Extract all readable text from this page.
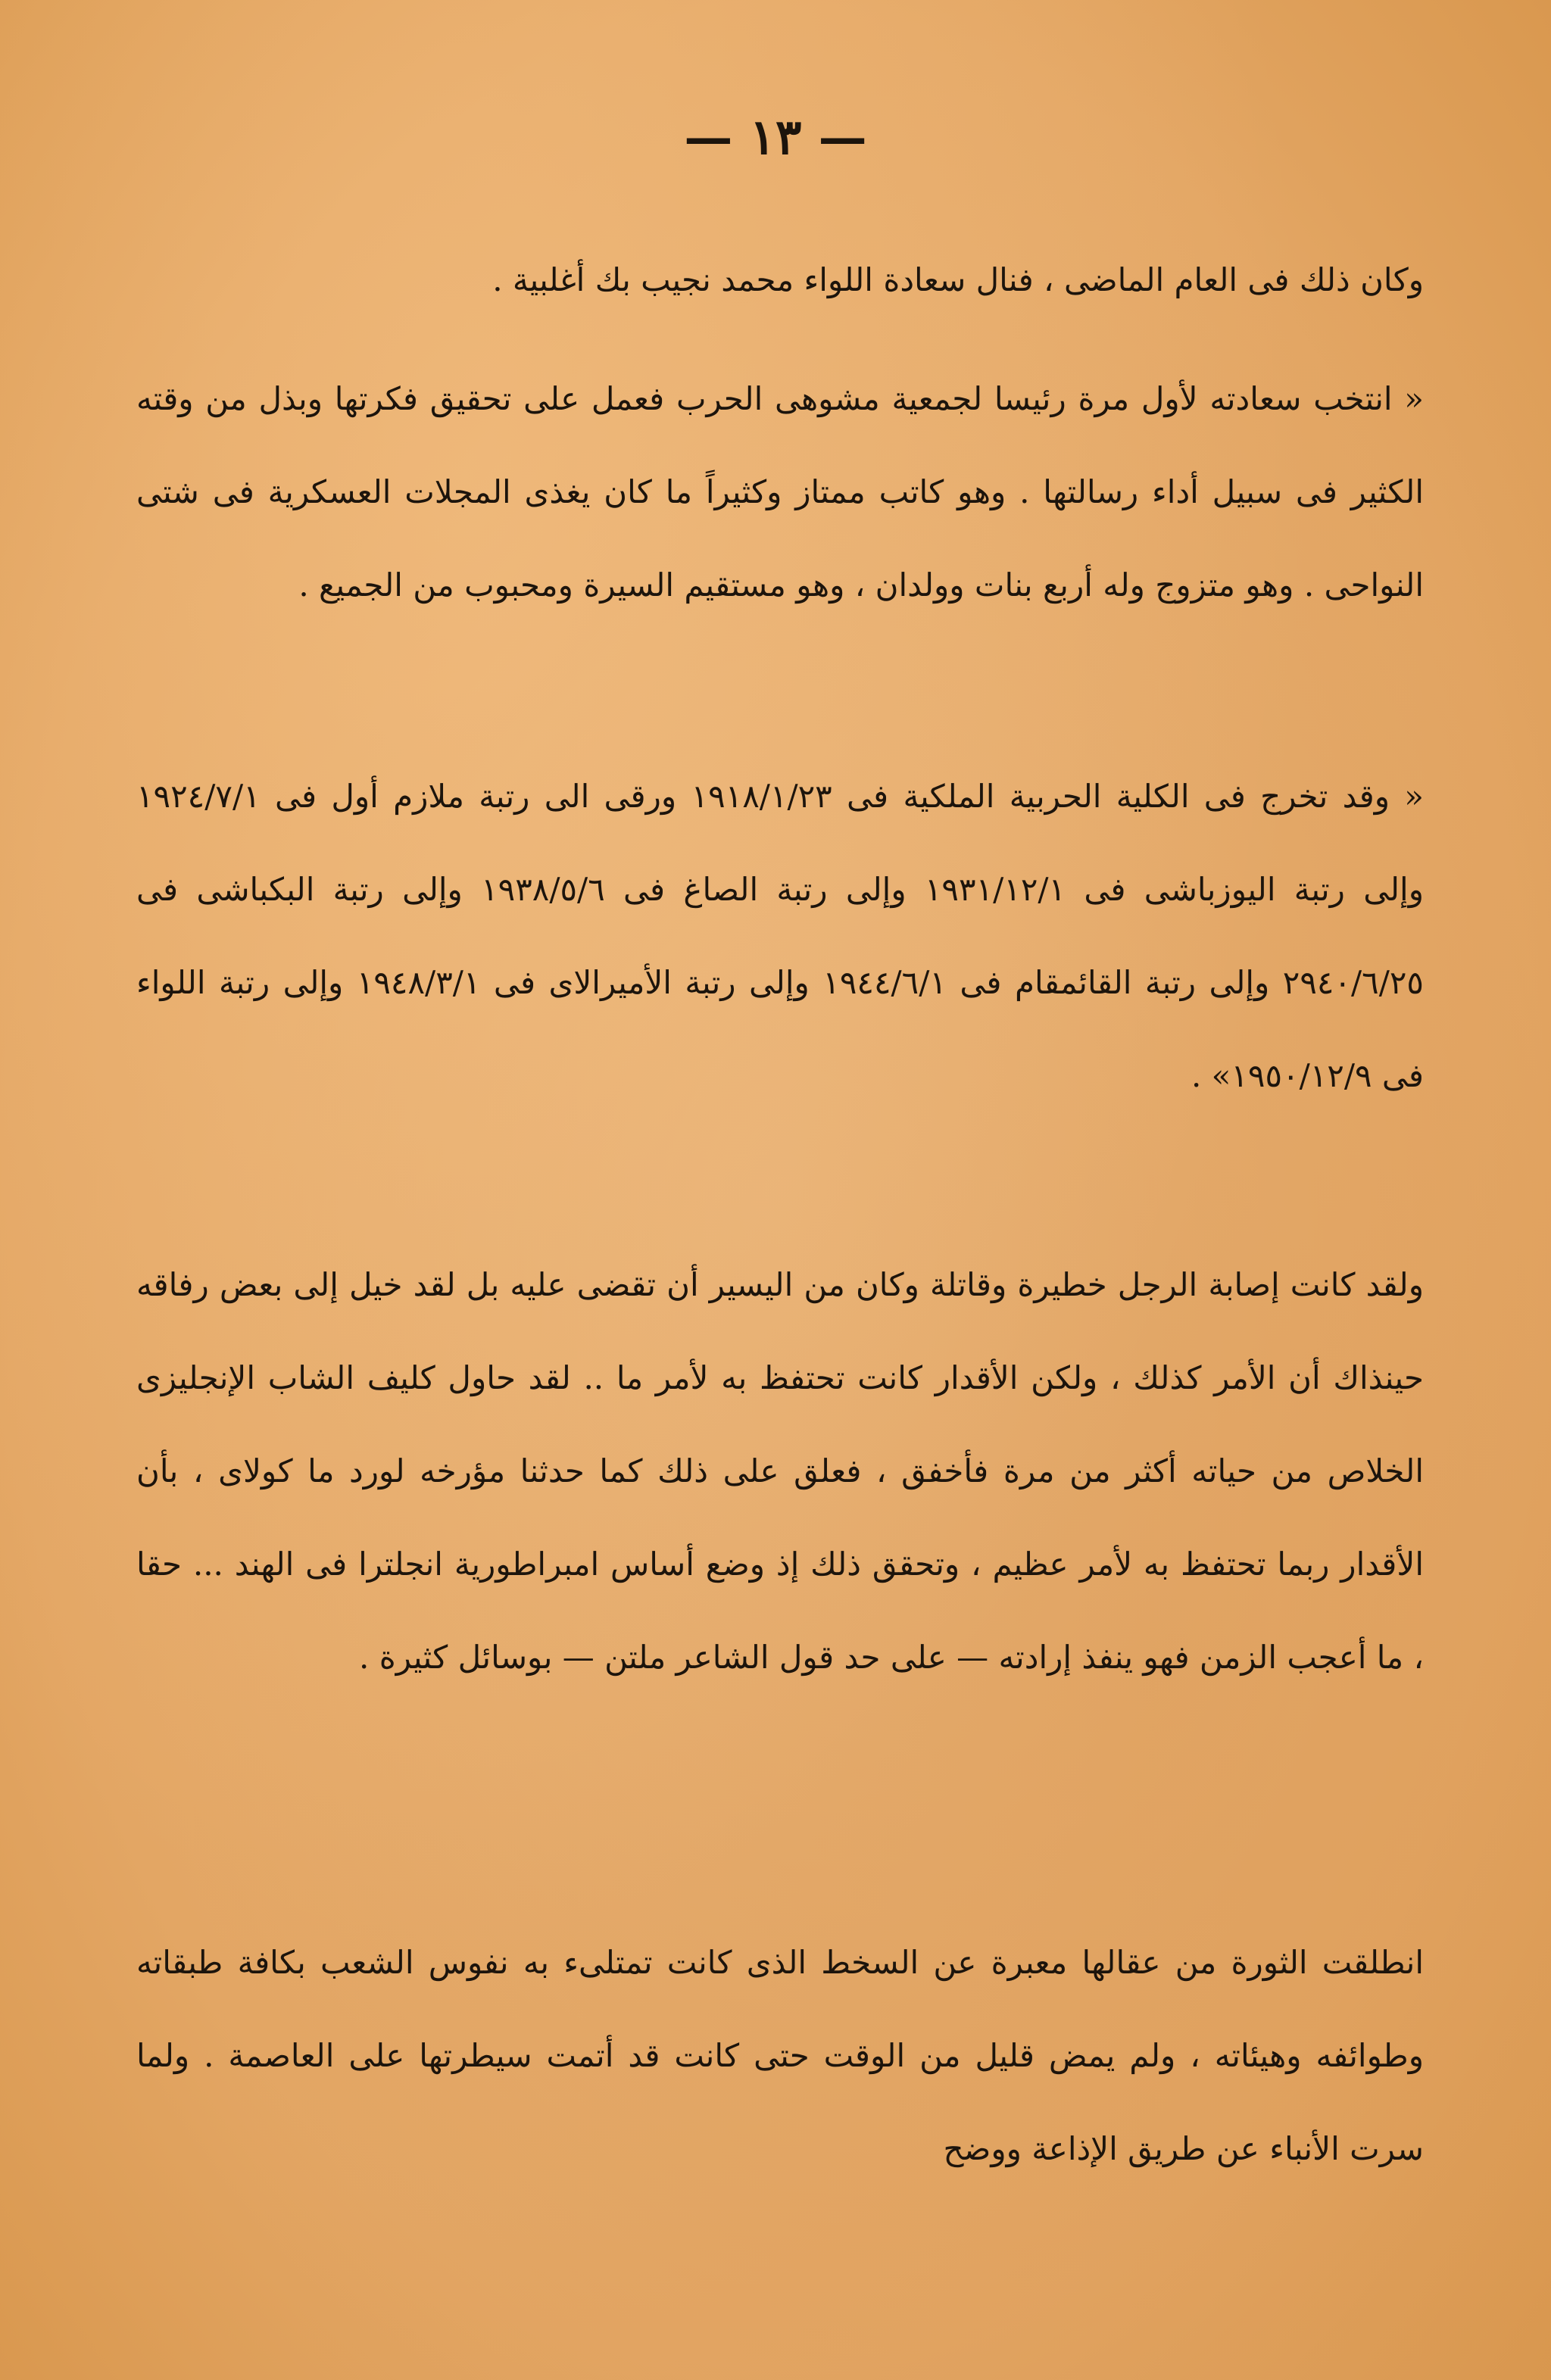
— ١٣ —

وكان ذلك فى العام الماضى ، فنال سعادة اللواء محمد نجيب بك أغلبية .

« انتخب سعادته لأول مرة رئيسا لجمعية مشوهى الحرب فعمل على تحقيق فكرتها وبذل من وقته الكثير فى سبيل أداء رسالتها . وهو كاتب ممتاز وكثيراً ما كان يغذى المجلات العسكرية فى شتى النواحى . وهو متزوج وله أربع بنات وولدان ، وهو مستقيم السيرة ومحبوب من الجميع .

« وقد تخرج فى الكلية الحربية الملكية فى ١٩١٨/١/٢٣ ورقى الى رتبة ملازم أول فى ١٩٢٤/٧/١ وإلى رتبة اليوزباشى فى ١٩٣١/١٢/١ وإلى رتبة الصاغ فى ١٩٣٨/٥/٦ وإلى رتبة البكباشى فى ٢٩٤٠/٦/٢٥ وإلى رتبة القائمقام فى ١٩٤٤/٦/١ وإلى رتبة الأميرالاى فى ١٩٤٨/٣/١ وإلى رتبة اللواء فى ١٩٥٠/١٢/٩» .

ولقد كانت إصابة الرجل خطيرة وقاتلة وكان من اليسير أن تقضى عليه بل لقد خيل إلى بعض رفاقه حينذاك أن الأمر كذلك ، ولكن الأقدار كانت تحتفظ به لأمر ما .. لقد حاول كليف الشاب الإنجليزى الخلاص من حياته أكثر من مرة فأخفق ، فعلق على ذلك كما حدثنا مؤرخه لورد ما كولاى ، بأن الأقدار ربما تحتفظ به لأمر عظيم ، وتحقق ذلك إذ وضع أساس امبراطورية انجلترا فى الهند ... حقا ، ما أعجب الزمن فهو ينفذ إرادته — على حد قول الشاعر ملتن — بوسائل كثيرة .

انطلقت الثورة من عقالها معبرة عن السخط الذى كانت تمتلىء به نفوس الشعب بكافة طبقاته وطوائفه وهيئاته ، ولم يمض قليل من الوقت حتى كانت قد أتمت سيطرتها على العاصمة . ولما سرت الأنباء عن طريق الإذاعة ووضح
